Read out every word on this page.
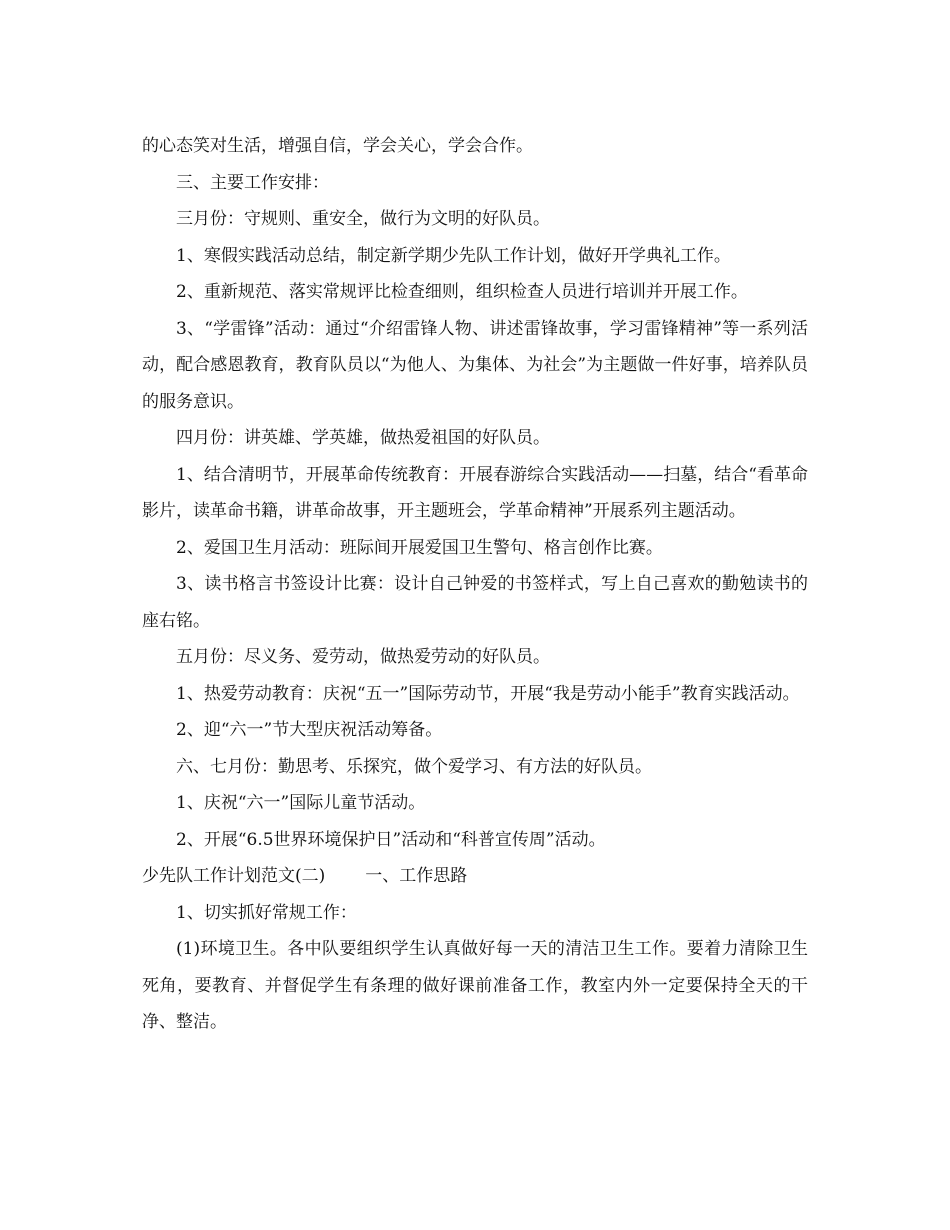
的心态笑对生活，增强自信，学会关心，学会合作。

三、主要工作安排：

三月份：守规则、重安全，做行为文明的好队员。

1、寒假实践活动总结，制定新学期少先队工作计划，做好开学典礼工作。

2、重新规范、落实常规评比检查细则，组织检查人员进行培训并开展工作。

3、“学雷锋”活动：通过“介绍雷锋人物、讲述雷锋故事，学习雷锋精神”等一系列活动，配合感恩教育，教育队员以“为他人、为集体、为社会”为主题做一件好事，培养队员的服务意识。

四月份：讲英雄、学英雄，做热爱祖国的好队员。

1、结合清明节，开展革命传统教育：开展春游综合实践活动——扫墓，结合“看革命影片，读革命书籍，讲革命故事，开主题班会，学革命精神”开展系列主题活动。

2、爱国卫生月活动：班际间开展爱国卫生警句、格言创作比赛。

3、读书格言书签设计比赛：设计自己钟爱的书签样式，写上自己喜欢的勤勉读书的座右铭。

五月份：尽义务、爱劳动，做热爱劳动的好队员。

1、热爱劳动教育：庆祝“五一”国际劳动节，开展“我是劳动小能手”教育实践活动。

2、迎“六一”节大型庆祝活动筹备。

六、七月份：勤思考、乐探究，做个爱学习、有方法的好队员。

1、庆祝“六一”国际儿童节活动。

2、开展“6.5世界环境保护日”活动和“科普宣传周”活动。

少先队工作计划范文(二) 一、工作思路

1、切实抓好常规工作：

(1)环境卫生。各中队要组织学生认真做好每一天的清洁卫生工作。要着力清除卫生死角，要教育、并督促学生有条理的做好课前准备工作，教室内外一定要保持全天的干净、整洁。
